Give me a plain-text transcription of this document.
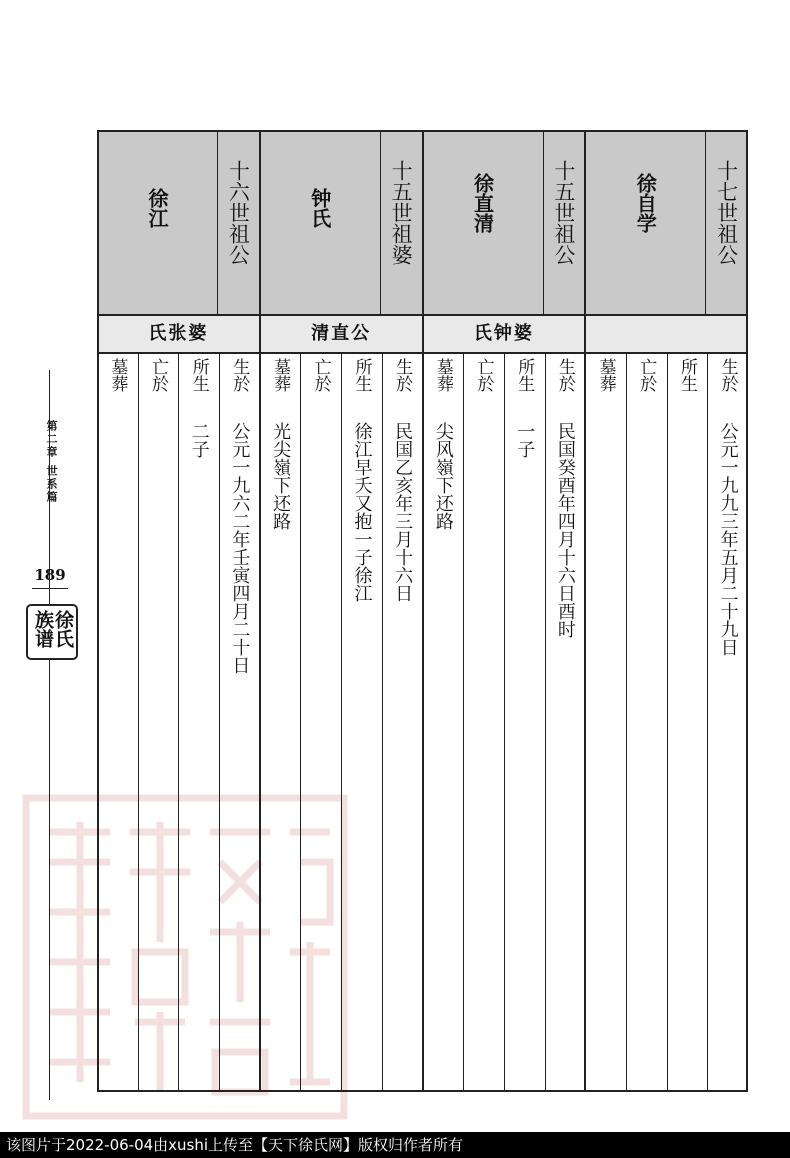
第二章 世系篇
189
徐氏
族谱
十七世祖公
徐自学
生於
公元一九九三年五月二十九日
所生
亡於
墓葬
十五世祖公
徐直清
氏钟婆
生於
民国癸酉年四月十六日酉时
所生
一子
亡於
墓葬
尖风嶺下还路
十五世祖婆
钟氏
清直公
生於
民国乙亥年三月十六日
所生
徐江早夭又抱一子徐江
亡於
墓葬
光尖嶺下还路
十六世祖公
徐江
氏张婆
生於
公元一九六二年壬寅四月二十日
所生
二子
亡於
墓葬
该图片于2022-06-04由xushi上传至【天下徐氏网】版权归作者所有
